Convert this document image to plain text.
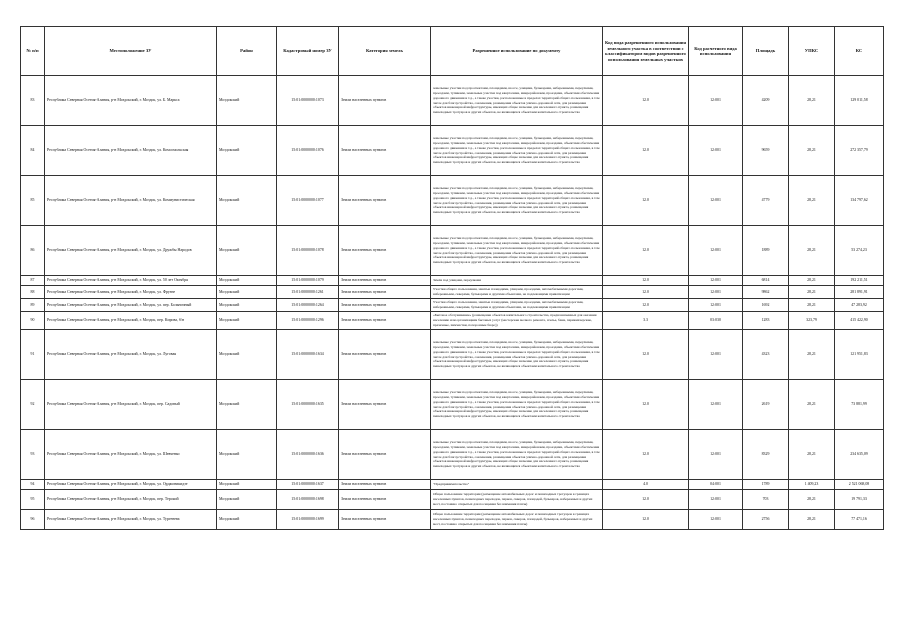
№ п/п	Местоположение ЗУ	Район	Кадастровый номер ЗУ	Категория земель	Разрешенное использование по документу	Код вида разрешенного использования земельного участка в соответствии с классификатором видов разрешенного использования земельных участков	Код расчетного вида использования	Площадь	УПКС	КС
83	Республика Северная Осетия-Алания, р-н Моздокский, г. Моздок, ул. Б. Маркса	Моздокский	15:01:0000000:1073	Земли населенных пунктов	земельные участки под проспектами, площадями, шоссе, улицами, бульварами, набережными, переулками, проездами, тупиками, земельные участки под кварталами, микрорайонами, проездами, объектами обеспечения дорожного движения и т.д., а также участки, расположенные в пределах территорий общего пользования, в том числе для благоустройства, озеленения, размещения объектов улично-дорожной сети, для размещения объектов инженерной инфраструктуры, имеющих общее значение для населенного пункта, размещения пешеходных тротуаров и других объектов, не являющихся объектами капитального строительства	12.0	12:001	4209	28,21	129 011,58
84	Республика Северная Осетия-Алания, р-н Моздокский, г. Моздок, ул. Комсомольская	Моздокский	15:01:0000000:1076	Земли населенных пунктов	земельные участки под проспектами, площадями, шоссе, улицами, бульварами, набережными, переулками, проездами, тупиками, земельные участки под кварталами, микрорайонами, проездами, объектами обеспечения дорожного движения и т.д., а также участки, расположенные в пределах территорий общего пользования, в том числе для благоустройства, озеленения, размещения объектов улично-дорожной сети, для размещения объектов инженерной инфраструктуры, имеющих общее значение для населенного пункта, размещения пешеходных тротуаров и других объектов, не являющихся объектами капитального строительства	12.0	12:001	9659	28,21	272 357,79
85	Республика Северная Осетия-Алания, р-н Моздокский, г. Моздок, ул. Коммунистическая	Моздокский	15:01:0000000:1077	Земли населенных пунктов	земельные участки под проспектами, площадями, шоссе, улицами, бульварами, набережными, переулками, проездами, тупиками, земельные участки под кварталами, микрорайонами, проездами, объектами обеспечения дорожного движения и т.д., а также участки, расположенные в пределах территорий общего пользования, в том числе для благоустройства, озеленения, размещения объектов улично-дорожной сети, для размещения объектов инженерной инфраструктуры, имеющих общее значение для населенного пункта, размещения пешеходных тротуаров и других объектов, не являющихся объектами капитального строительства	12.0	12:001	4779	28,21	134 797,62
86	Республика Северная Осетия-Алания, р-н Моздокский, г. Моздок, ул. Дружбы Народов	Моздокский	15:01:0000000:1078	Земли населенных пунктов	земельные участки под проспектами, площадями, шоссе, улицами, бульварами, набережными, переулками, проездами, тупиками, земельные участки под кварталами, микрорайонами, проездами, объектами обеспечения дорожного движения и т.д., а также участки, расположенные в пределах территорий общего пользования, в том числе для благоустройства, озеленения, размещения объектов улично-дорожной сети, для размещения объектов инженерной инфраструктуры, имеющих общее значение для населенного пункта, размещения пешеходных тротуаров и других объектов, не являющихся объектами капитального строительства	12.0	12:001	1889	28,21	53 274,23
87	Республика Северная Осетия-Алания, р-н Моздокский, г. Моздок, ул. 50 лет Октября	Моздокский	15:01:0000000:1079	Земли населенных пунктов	Земли под улицами, переулками	12.0	12:001	6814	28,21	192 211,51
88	Республика Северная Осетия-Алания, р-н Моздокский, г. Моздок, ул. Фрунзе	Моздокский	15:01:0000000:1261	Земли населенных пунктов	Участки общего пользования, занятые площадями, улицами, проездами, автомобильными дорогами, набережными, скверами, бульварами и другими объектами, не подлежащими приватизации	12.0	12:001	9862	28,21	281 891,91
89	Республика Северная Осетия-Алания, р-н Моздокский, г. Моздок, ул. пер. Больничный	Моздокский	15:01:0000000:1264	Земли населенных пунктов	Участки общего пользования, занятые площадями, улицами, проездами, автомобильными дорогами, набережными, скверами, бульварами и другими объектами, не подлежащими приватизации	12.0	12:001	1692	28,21	47 283,92
90	Республика Северная Осетия-Алания, р-н Моздокский, г. Моздок, пер. Кирова, б/н	Моздокский	15:01:0000000:1296	Земли населенных пунктов	«Бытовое обслуживание» (размещение объектов капитального строительства, предназначенных для оказания населению или организациям бытовых услуг (мастерские мелкого ремонта, ателье, бани, парикмахерские, прачечные, химчистки, похоронные бюро))	3.3	03:030	1283	323,79	415 422,90
91	Республика Северная Осетия-Алания, р-н Моздокский, г. Моздок, ул. Луговая	Моздокский	15:01:0000000:1634	Земли населенных пунктов	земельные участки под проспектами, площадями, шоссе, улицами, бульварами, набережными, переулками, проездами, тупиками, земельные участки под кварталами, микрорайонами, проездами, объектами обеспечения дорожного движения и т.д., а также участки, расположенные в пределах территорий общего пользования, в том числе для благоустройства, озеленения, размещения объектов улично-дорожной сети, для размещения объектов инженерной инфраструктуры, имеющих общее значение для населенного пункта, размещения пешеходных тротуаров и других объектов, не являющихся объектами капитального строительства	12.0	12:001	4323	28,21	121 951,83
92	Республика Северная Осетия-Алания, р-н Моздокский, г. Моздок, пер. Садовый	Моздокский	15:01:0000000:1635	Земли населенных пунктов	земельные участки под проспектами, площадями, шоссе, улицами, бульварами, набережными, переулками, проездами, тупиками, земельные участки под кварталами, микрорайонами, проездами, объектами обеспечения дорожного движения и т.д., а также участки, расположенные в пределах территорий общего пользования, в том числе для благоустройства, озеленения, размещения объектов улично-дорожной сети, для размещения объектов инженерной инфраструктуры, имеющих общее значение для населенного пункта, размещения пешеходных тротуаров и других объектов, не являющихся объектами капитального строительства	12.0	12:001	2619	28,21	73 881,99
93	Республика Северная Осетия-Алания, р-н Моздокский, г. Моздок, ул. Шевченко	Моздокский	15:01:0000000:1636	Земли населенных пунктов	земельные участки под проспектами, площадями, шоссе, улицами, бульварами, набережными, переулками, проездами, тупиками, земельные участки под кварталами, микрорайонами, проездами, объектами обеспечения дорожного движения и т.д., а также участки, расположенные в пределах территорий общего пользования, в том числе для благоустройства, озеленения, размещения объектов улично-дорожной сети, для размещения объектов инженерной инфраструктуры, имеющих общее значение для населенного пункта, размещения пешеходных тротуаров и других объектов, не являющихся объектами капитального строительства	12.0	12:001	8329	28,21	234 635,09
94	Республика Северная Осетия-Алания, р-н Моздокский, г. Моздок, ул. Орджоникидзе	Моздокский	15:01:0000000:1637	Земли населенных пунктов	"Предпринимательство"	4.0	04:001	1789	1 409,23	2 521 068,08
95	Республика Северная Осетия-Алания, р-н Моздокский, г. Моздок, пер. Терский	Моздокский	15:01:0000000:1698	Земли населенных пунктов	Общее пользование территории (размещение автомобильных дорог и пешеходных тротуаров в границах населенных пунктов, пешеходных переходов, парков, скверов, площадей, бульваров, набережных и других мест, постоянно открытых для посещения без взимания платы)	12.0	12:001	703	28,21	19 791,33
96	Республика Северная Осетия-Алания, р-н Моздокский, г. Моздок, ул. Тургенева	Моздокский	15:01:0000000:1699	Земли населенных пунктов	Общее пользование территории (размещение автомобильных дорог и пешеходных тротуаров в границах населенных пунктов, пешеходных переходов, парков, скверов, площадей, бульваров, набережных и других мест, постоянно открытых для посещения без взимания платы)	12.0	12:001	2756	28,21	77 471,16
